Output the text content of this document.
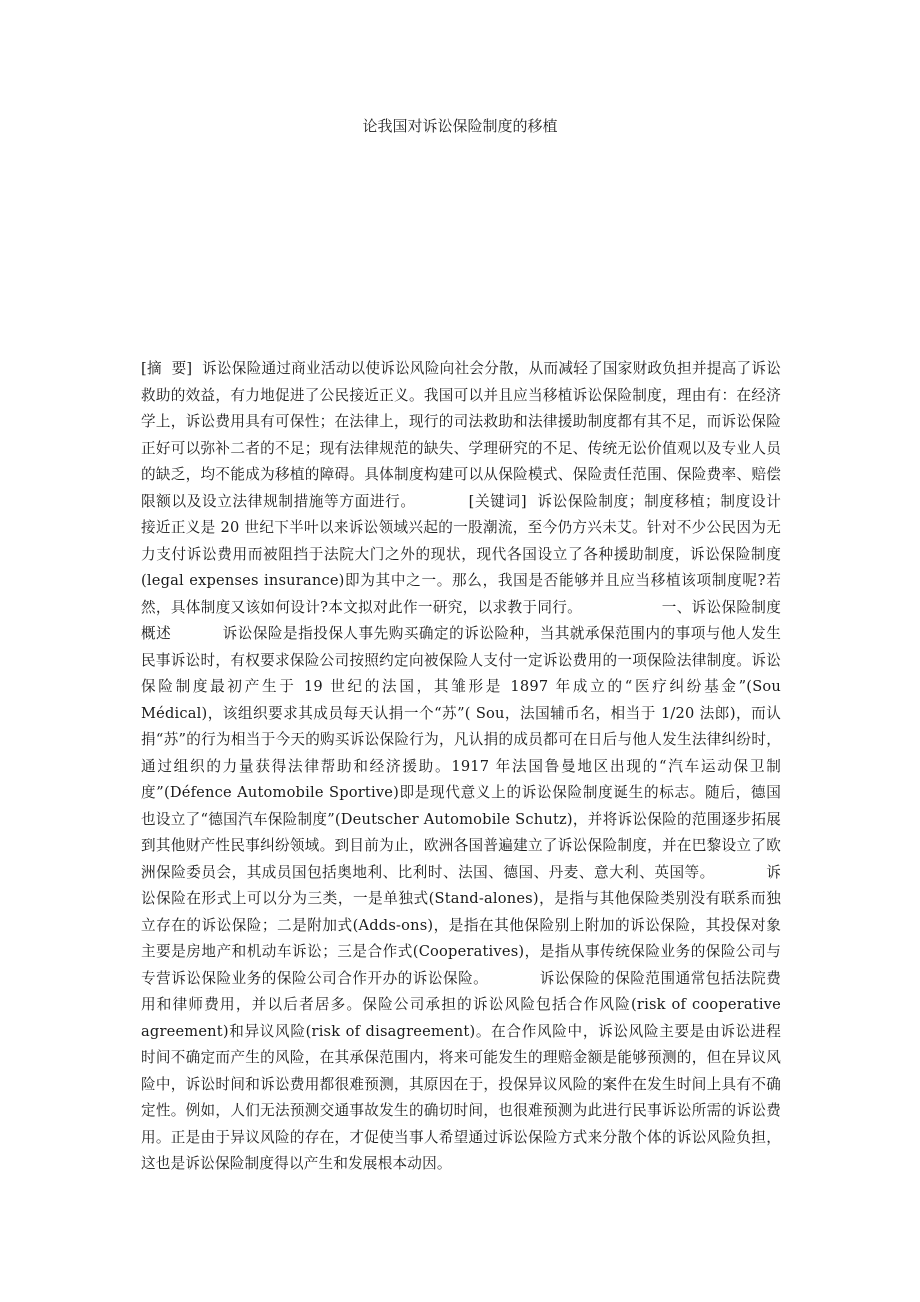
论我国对诉讼保险制度的移植
[摘  要]  诉讼保险通过商业活动以使诉讼风险向社会分散，从而减轻了国家财政负担并提高了诉讼救助的效益，有力地促进了公民接近正义。我国可以并且应当移植诉讼保险制度，理由有：在经济学上，诉讼费用具有可保性；在法律上，现行的司法救助和法律援助制度都有其不足，而诉讼保险正好可以弥补二者的不足；现有法律规范的缺失、学理研究的不足、传统无讼价值观以及专业人员的缺乏，均不能成为移植的障碍。具体制度构建可以从保险模式、保险责任范围、保险费率、赔偿限额以及设立法律规制措施等方面进行。          [关键词]  诉讼保险制度；制度移植；制度设计                接近正义是 20 世纪下半叶以来诉讼领域兴起的一股潮流，至今仍方兴未艾。针对不少公民因为无力支付诉讼费用而被阻挡于法院大门之外的现状，现代各国设立了各种援助制度，诉讼保险制度(legal expenses insurance)即为其中之一。那么，我国是否能够并且应当移植该项制度呢?若然，具体制度又该如何设计?本文拟对此作一研究，以求教于同行。                一、诉讼保险制度概述          诉讼保险是指投保人事先购买确定的诉讼险种，当其就承保范围内的事项与他人发生民事诉讼时，有权要求保险公司按照约定向被保险人支付一定诉讼费用的一项保险法律制度。诉讼保险制度最初产生于 19 世纪的法国，其雏形是 1897 年成立的“医疗纠纷基金”(Sou Médical)，该组织要求其成员每天认捐一个“苏”( Sou，法国辅币名，相当于 1/20 法郎)，而认捐“苏”的行为相当于今天的购买诉讼保险行为，凡认捐的成员都可在日后与他人发生法律纠纷时，通过组织的力量获得法律帮助和经济援助。1917 年法国鲁曼地区出现的“汽车运动保卫制度”(Défence Automobile Sportive)即是现代意义上的诉讼保险制度诞生的标志。随后，德国也设立了“德国汽车保险制度”(Deutscher Automobile Schutz)，并将诉讼保险的范围逐步拓展到其他财产性民事纠纷领域。到目前为止，欧洲各国普遍建立了诉讼保险制度，并在巴黎设立了欧洲保险委员会，其成员国包括奥地利、比利时、法国、德国、丹麦、意大利、英国等。          诉讼保险在形式上可以分为三类，一是单独式(Stand-alones)，是指与其他保险类别没有联系而独立存在的诉讼保险；二是附加式(Adds-ons)，是指在其他保险别上附加的诉讼保险，其投保对象主要是房地产和机动车诉讼；三是合作式(Cooperatives)，是指从事传统保险业务的保险公司与专营诉讼保险业务的保险公司合作开办的诉讼保险。          诉讼保险的保险范围通常包括法院费用和律师费用，并以后者居多。保险公司承担的诉讼风险包括合作风险(risk of cooperative agreement)和异议风险(risk of disagreement)。在合作风险中，诉讼风险主要是由诉讼进程时间不确定而产生的风险，在其承保范围内，将来可能发生的理赔金额是能够预测的，但在异议风险中，诉讼时间和诉讼费用都很难预测，其原因在于，投保异议风险的案件在发生时间上具有不确定性。例如，人们无法预测交通事故发生的确切时间，也很难预测为此进行民事诉讼所需的诉讼费用。正是由于异议风险的存在，才促使当事人希望通过诉讼保险方式来分散个体的诉讼风险负担，这也是诉讼保险制度得以产生和发展根本动因。
